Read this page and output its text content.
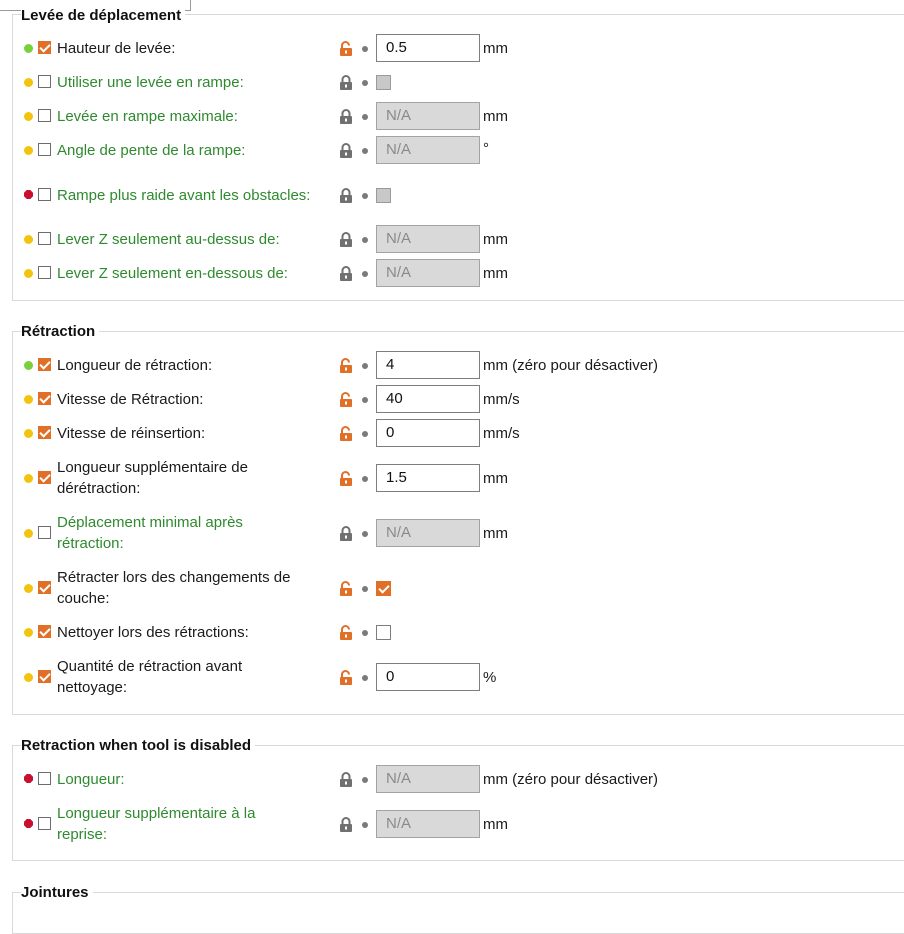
Levée de déplacement
Hauteur de levée:	0.5	mm
Utiliser une levée en rampe:
Levée en rampe maximale:	N/A	mm
Angle de pente de la rampe:	N/A	°
Rampe plus raide avant les obstacles:
Lever Z seulement au-dessus de:	N/A	mm
Lever Z seulement en-dessous de:	N/A	mm
Rétraction
Longueur de rétraction:	4	mm (zéro pour désactiver)
Vitesse de Rétraction:	40	mm/s
Vitesse de réinsertion:	0	mm/s
Longueur supplémentaire de dérétraction:
1.5	mm
Déplacement minimal après rétraction:
N/A	mm
Rétracter lors des changements de couche:
Nettoyer lors des rétractions:
Quantité de rétraction avant nettoyage:
0	%
Retraction when tool is disabled
Longueur:	N/A	mm (zéro pour désactiver)
Longueur supplémentaire à la reprise:
N/A	mm
Jointures
